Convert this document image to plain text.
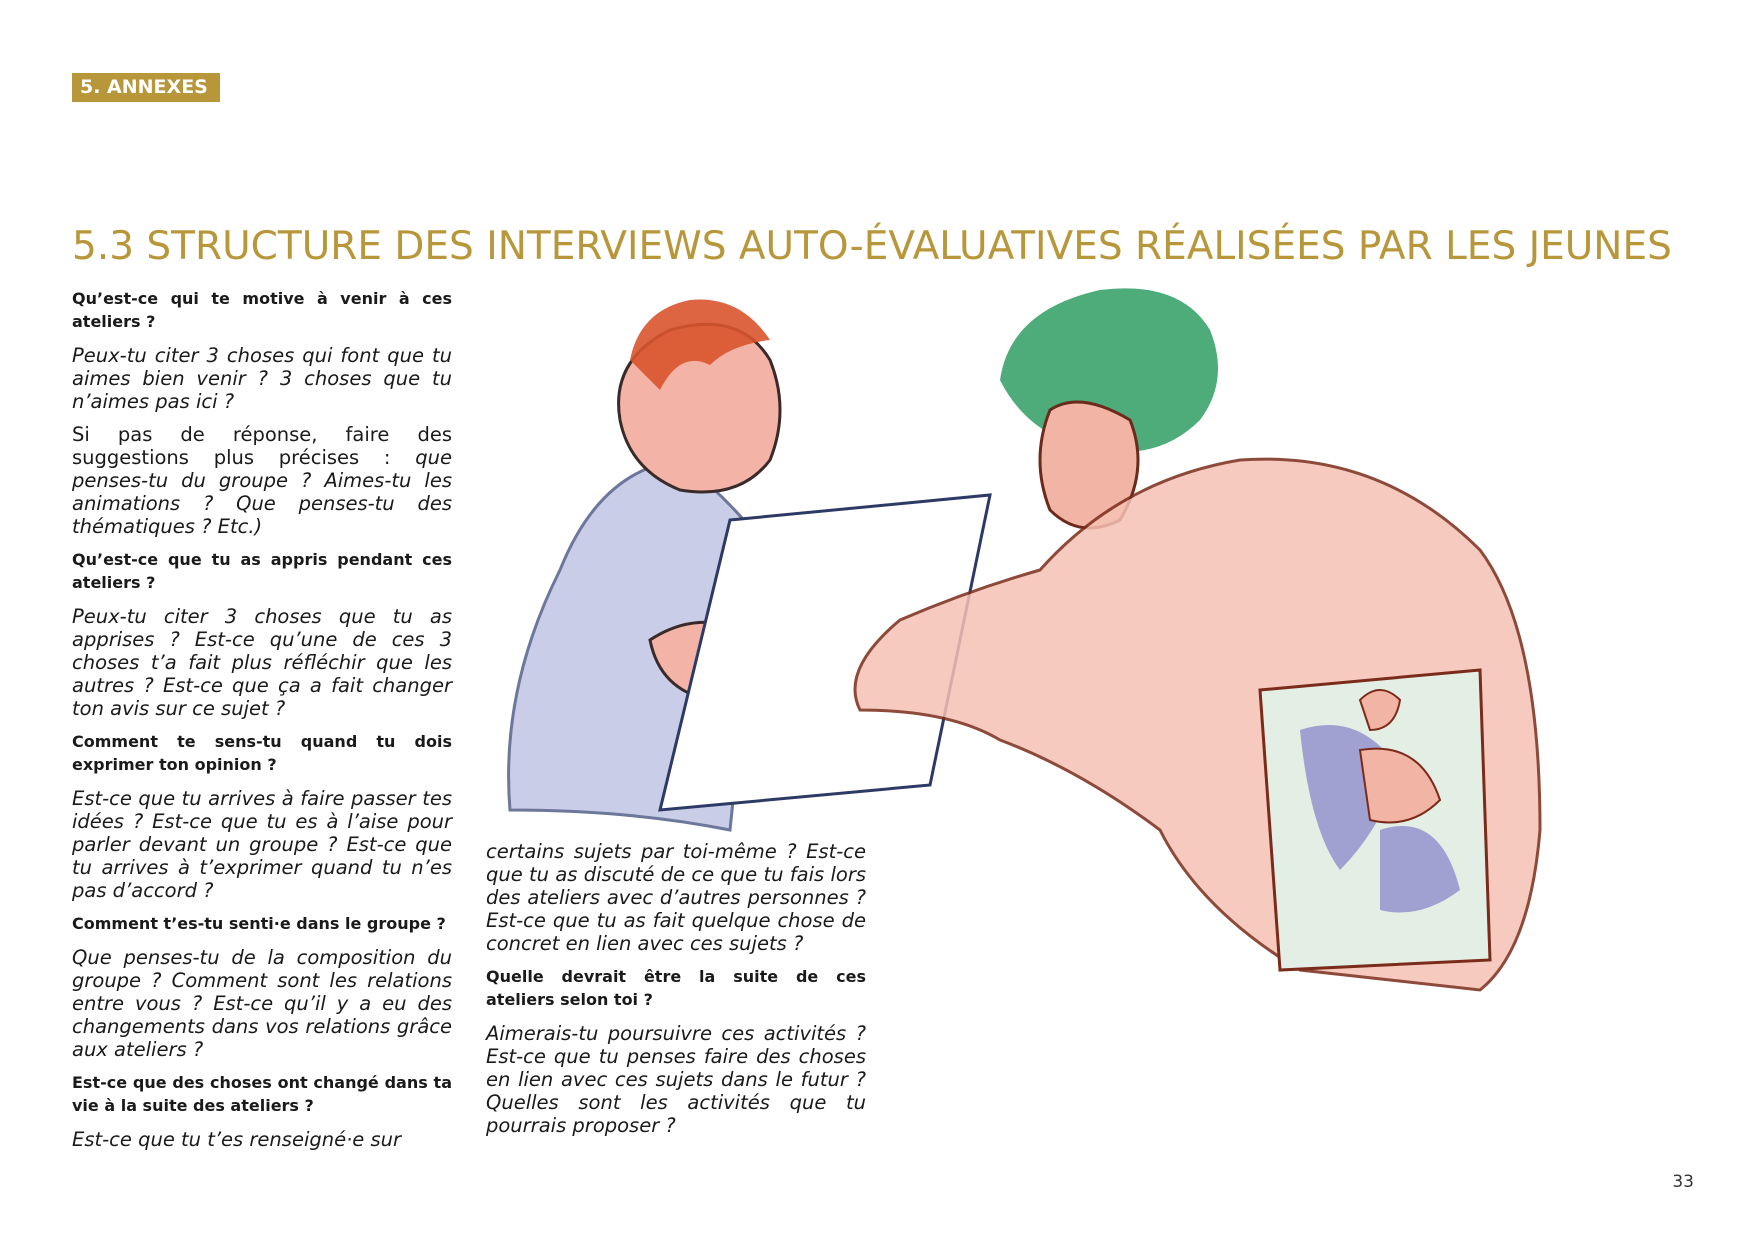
5. ANNEXES
5.3 STRUCTURE DES INTERVIEWS AUTO-ÉVALUATIVES RÉALISÉES PAR LES JEUNES

Qu’est-ce qui te motive à venir à ces ateliers ?

Peux-tu citer 3 choses qui font que tu aimes bien venir ? 3 choses que tu n’aimes pas ici ?

Si pas de réponse, faire des suggestions plus précises : que penses-tu du groupe ? Aimes-tu les animations ? Que penses-tu des thématiques ? Etc.)

Qu’est-ce que tu as appris pendant ces ateliers ?

Peux-tu citer 3 choses que tu as apprises ? Est-ce qu’une de ces 3 choses t’a fait plus réfléchir que les autres ? Est-ce que ça a fait changer ton avis sur ce sujet ?

Comment te sens-tu quand tu dois exprimer ton opinion ?

Est-ce que tu arrives à faire passer tes idées ? Est-ce que tu es à l’aise pour parler devant un groupe ? Est-ce que tu arrives à t’exprimer quand tu n’es pas d’accord ?

Comment t’es-tu senti·e dans le groupe ?

Que penses-tu de la composition du groupe ? Comment sont les relations entre vous ? Est-ce qu’il y a eu des changements dans vos relations grâce aux ateliers ?

Est-ce que des choses ont changé dans ta vie à la suite des ateliers ?

Est-ce que tu t’es renseigné·e sur

certains sujets par toi-même ? Est-ce que tu as discuté de ce que tu fais lors des ateliers avec d’autres personnes ? Est-ce que tu as fait quelque chose de concret en lien avec ces sujets ?

Quelle devrait être la suite de ces ateliers selon toi ?

Aimerais-tu poursuivre ces activités ? Est-ce que tu penses faire des choses en lien avec ces sujets dans le futur ? Quelles sont les activités que tu pourrais proposer ?

33
